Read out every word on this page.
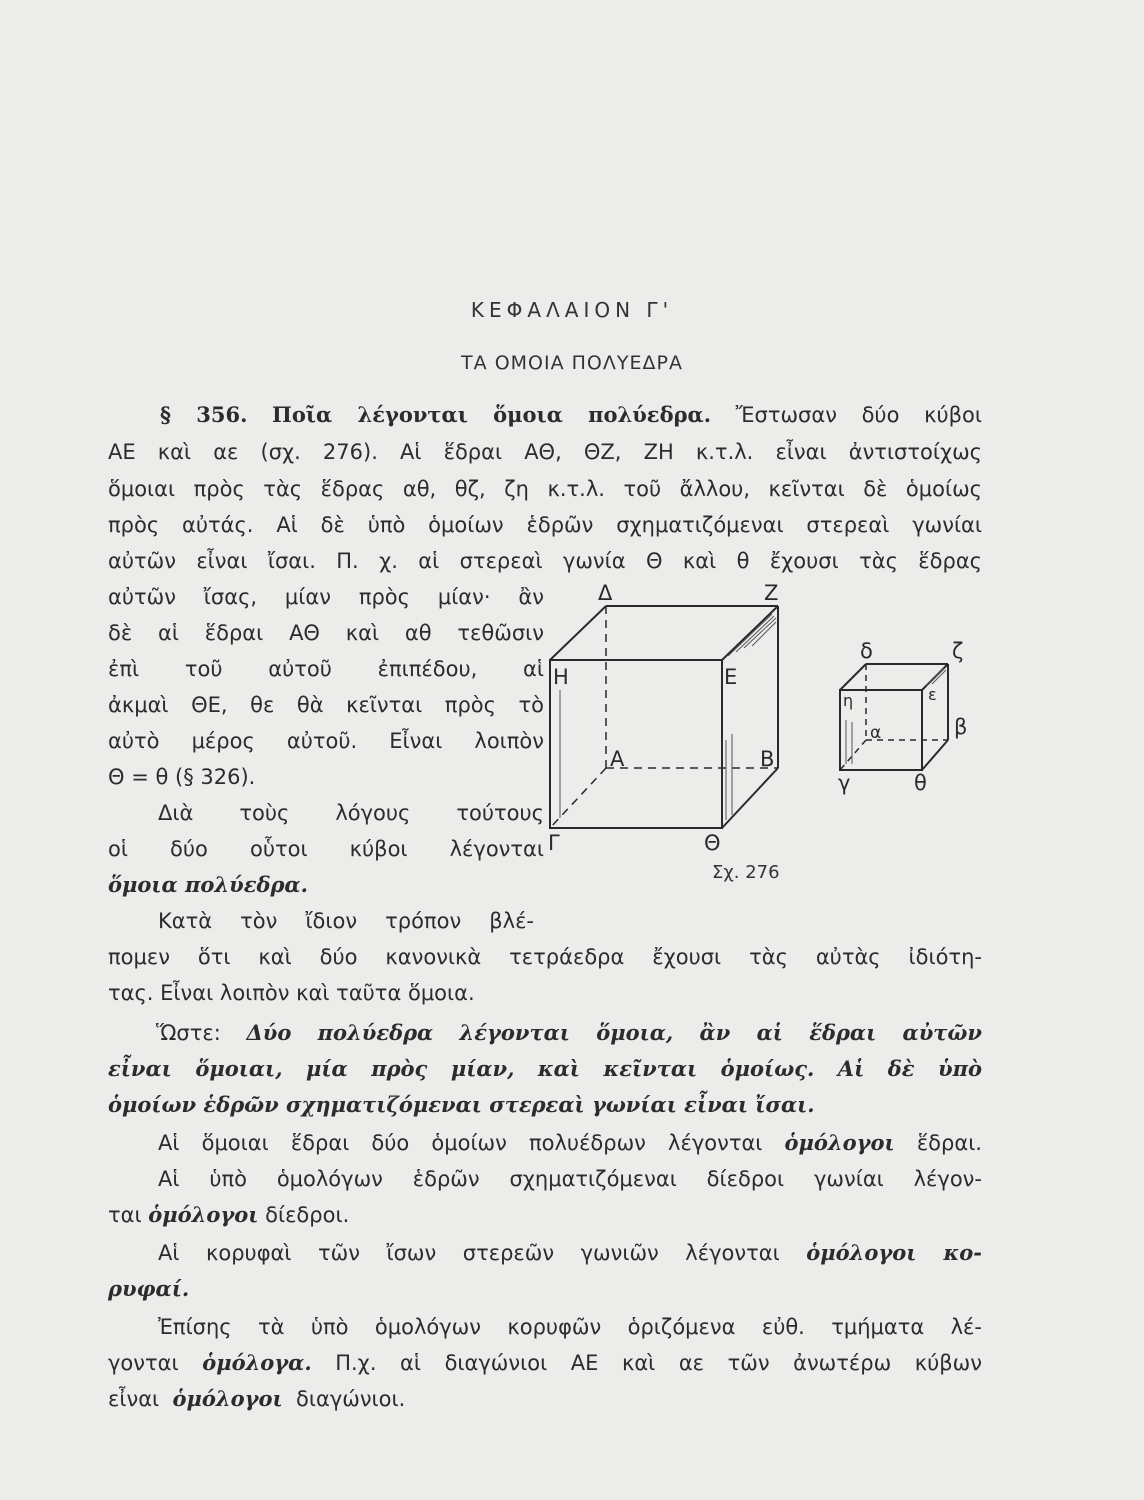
ΚΕΦΑΛΑΙΟΝ Γ'
ΤΑ ΟΜΟΙΑ ΠΟΛΥΕΔΡΑ
§ 356. Ποῖα λέγονται ὅμοια πολύεδρα. Ἔστωσαν δύο κύβοι
ΑΕ καὶ αε (σχ. 276). Αἱ ἕδραι ΑΘ, ΘΖ, ΖΗ κ.τ.λ. εἶναι ἀντιστοίχως
ὅμοιαι πρὸς τὰς ἕδρας αθ, θζ, ζη κ.τ.λ. τοῦ ἄλλου, κεῖνται δὲ ὁμοίως
πρὸς αὐτάς. Αἱ δὲ ὑπὸ ὁμοίων ἑδρῶν σχηματιζόμεναι στερεαὶ γωνίαι
αὐτῶν εἶναι ἴσαι. Π. χ. αἱ στερεαὶ γωνία Θ καὶ θ ἔχουσι τὰς ἕδρας
αὐτῶν ἴσας, μίαν πρὸς μίαν· ἂν
δὲ αἱ ἕδραι ΑΘ καὶ αθ τεθῶσιν
ἐπὶ τοῦ αὐτοῦ ἐπιπέδου, αἱ
ἀκμαὶ ΘΕ, θε θὰ κεῖνται πρὸς τὸ
αὐτὸ μέρος αὐτοῦ. Εἶναι λοιπὸν
Θ = θ (§ 326).
Διὰ τοὺς λόγους τούτους
οἱ δύο οὗτοι κύβοι λέγονται
ὅμοια πολύεδρα.
Κατὰ τὸν ἴδιον τρόπον βλέ-
πομεν ὅτι καὶ δύο κανονικὰ τετράεδρα ἔχουσι τὰς αὐτὰς ἰδιότη-
τας. Εἶναι λοιπὸν καὶ ταῦτα ὅμοια.
Ὥστε: Δύο πολύεδρα λέγονται ὅμοια, ἂν αἱ ἕδραι αὐτῶν
εἶναι ὅμοιαι, μία πρὸς μίαν, καὶ κεῖνται ὁμοίως. Αἱ δὲ ὑπὸ
ὁμοίων ἑδρῶν σχηματιζόμεναι στερεαὶ γωνίαι εἶναι ἴσαι.
Αἱ ὅμοιαι ἕδραι δύο ὁμοίων πολυέδρων λέγονται ὁμόλογοι ἕδραι.
Αἱ ὑπὸ ὁμολόγων ἑδρῶν σχηματιζόμεναι δίεδροι γωνίαι λέγον-
ται ὁμόλογοι δίεδροι.
Αἱ κορυφαὶ τῶν ἴσων στερεῶν γωνιῶν λέγονται ὁμόλογοι κο-
ρυφαί.
Ἐπίσης τὰ ὑπὸ ὁμολόγων κορυφῶν ὁριζόμενα εὐθ. τμήματα λέ-
γονται ὁμόλογα. Π.χ. αἱ διαγώνιοι ΑΕ καὶ αε τῶν ἀνωτέρω κύβων
εἶναι ὁμόλογοι διαγώνιοι.
Δ	Ζ
Η	Ε
Α	Β
Γ	Θ
δ	ζ
η	ε
α	β
γ	θ
Σχ. 276
